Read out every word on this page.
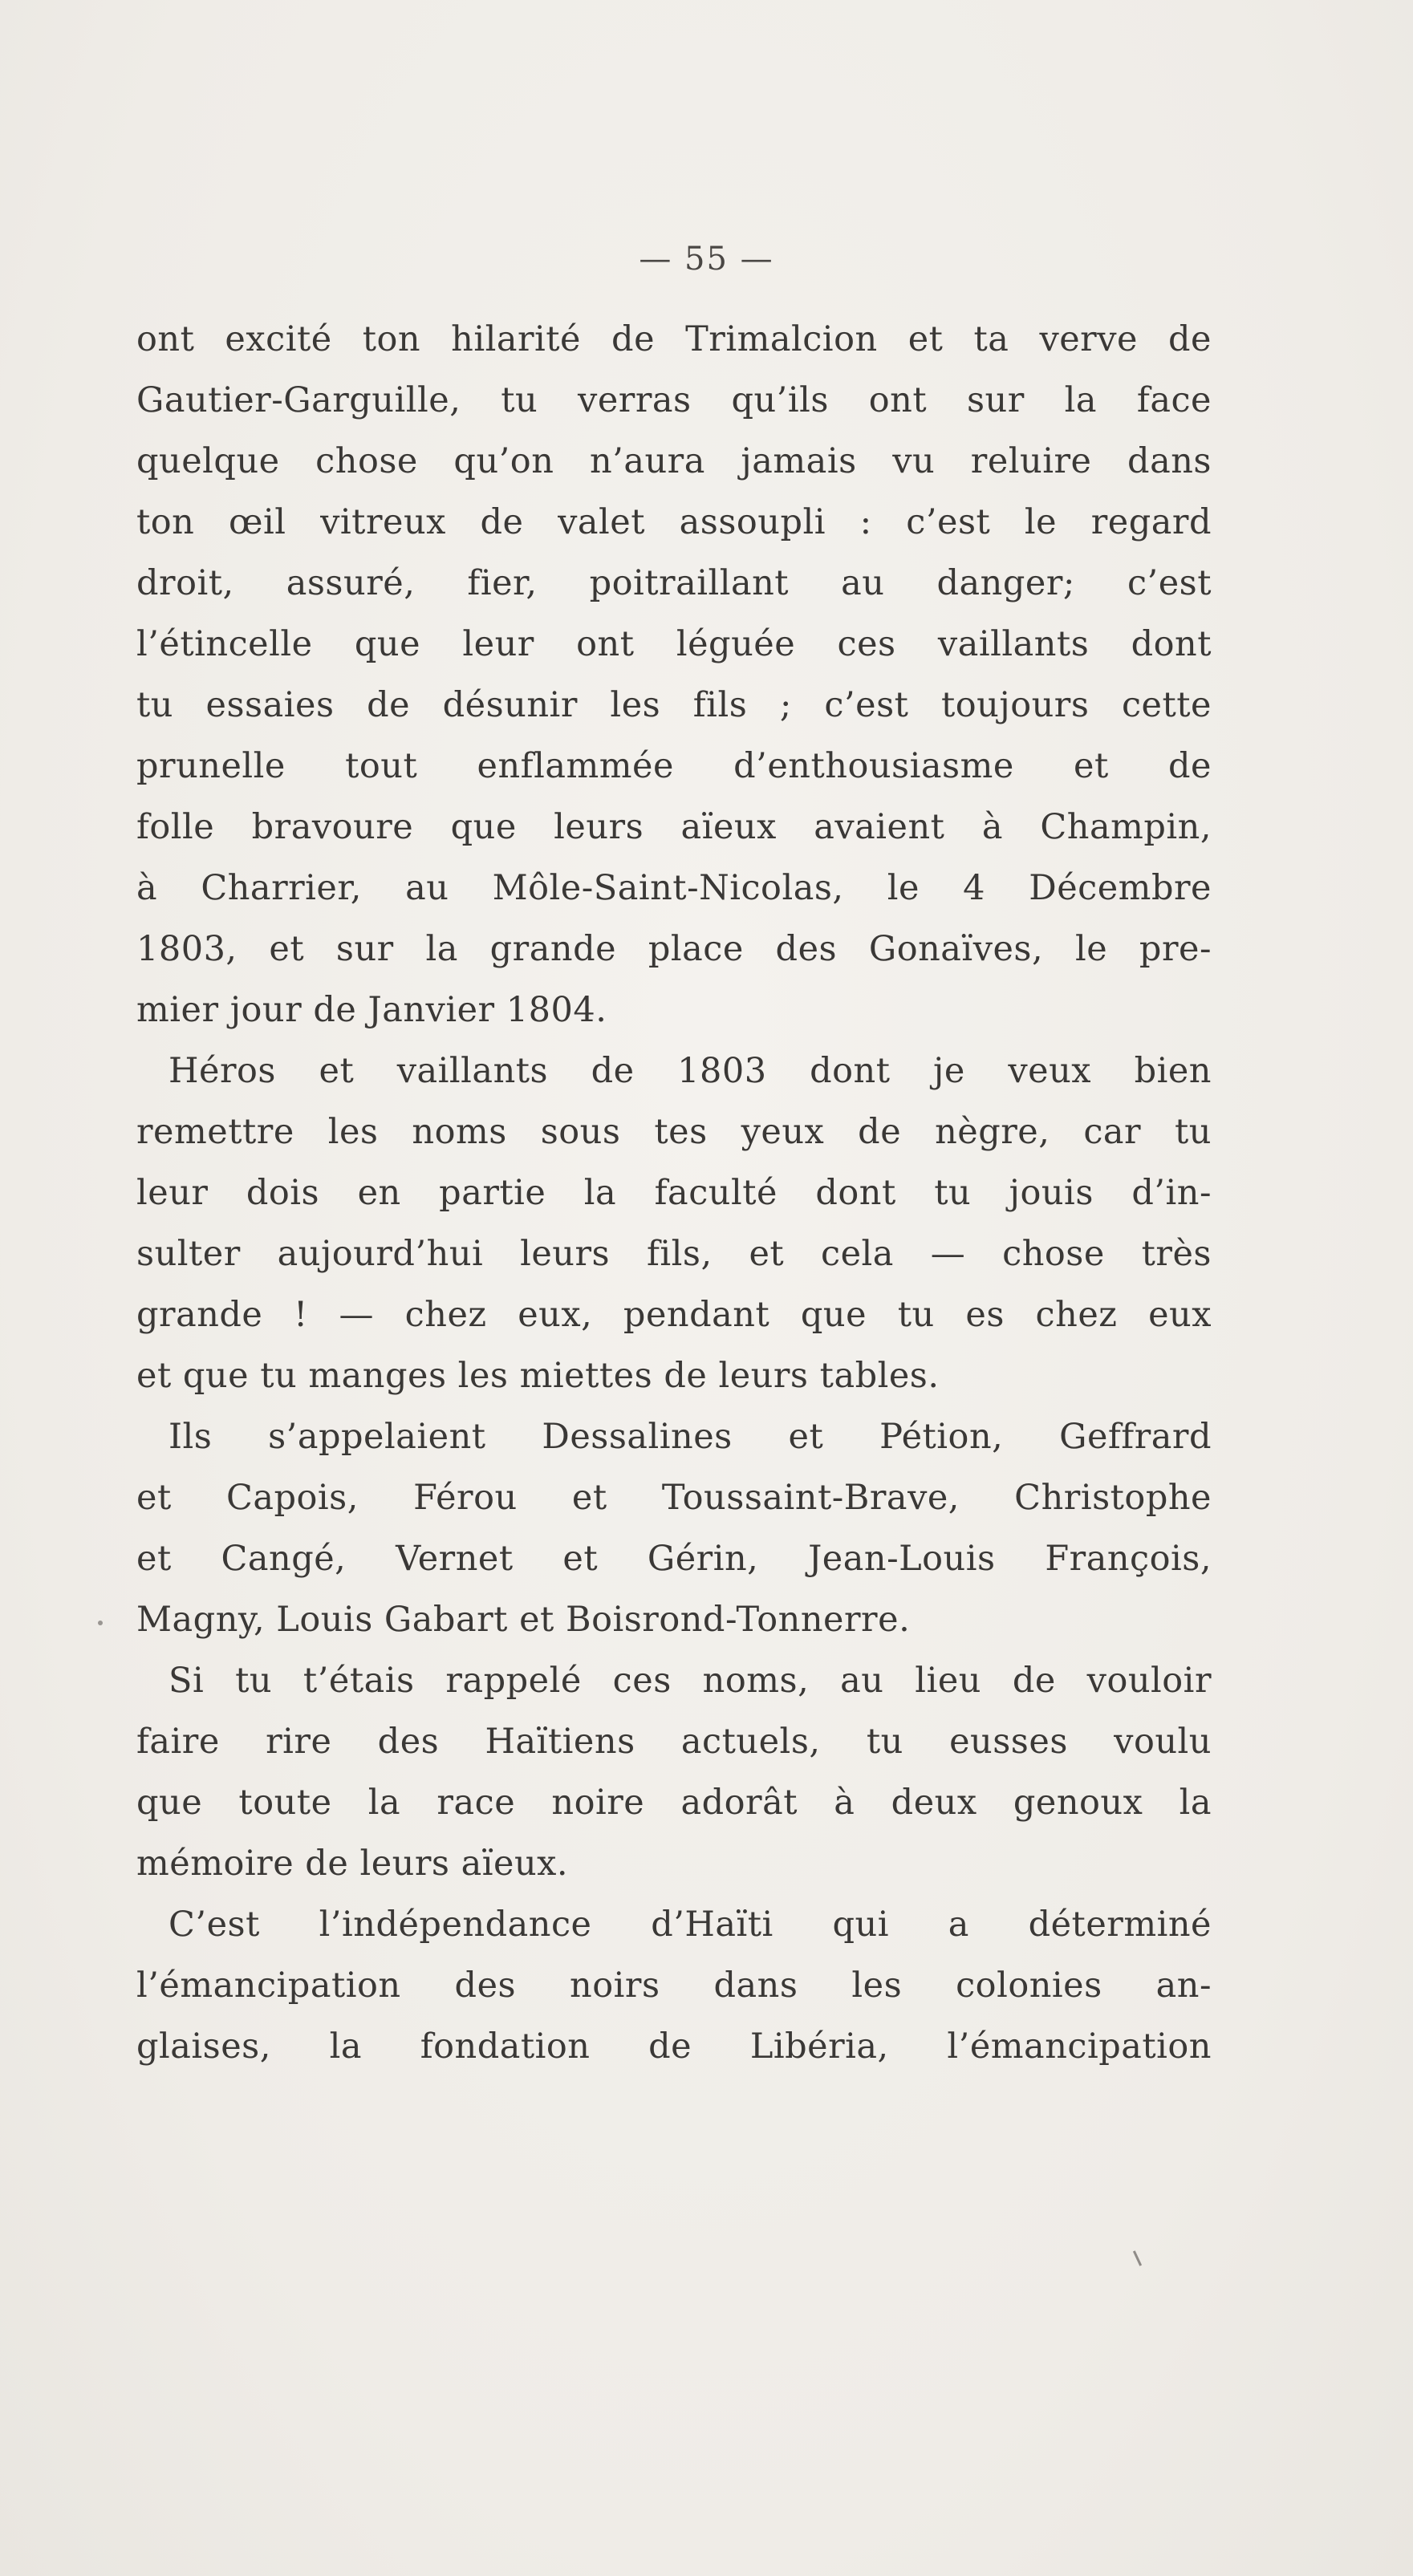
— 55 —
ont excité ton hilarité de Trimalcion et ta verve de
Gautier-Garguille, tu verras qu’ils ont sur la face
quelque chose qu’on n’aura jamais vu reluire dans
ton œil vitreux de valet assoupli : c’est le regard
droit, assuré, fier, poitraillant au danger; c’est
l’étincelle que leur ont léguée ces vaillants dont
tu essaies de désunir les fils ; c’est toujours cette
prunelle tout enflammée d’enthousiasme et de
folle bravoure que leurs aïeux avaient à Champin,
à Charrier, au Môle-Saint-Nicolas, le 4 Décembre
1803, et sur la grande place des Gonaïves, le pre-
mier jour de Janvier 1804.
Héros et vaillants de 1803 dont je veux bien
remettre les noms sous tes yeux de nègre, car tu
leur dois en partie la faculté dont tu jouis d’in-
sulter aujourd’hui leurs fils, et cela — chose très
grande ! — chez eux, pendant que tu es chez eux
et que tu manges les miettes de leurs tables.
Ils s’appelaient Dessalines et Pétion, Geffrard
et Capois, Férou et Toussaint-Brave, Christophe
et Cangé, Vernet et Gérin, Jean-Louis François,
Magny, Louis Gabart et Boisrond-Tonnerre.
Si tu t’étais rappelé ces noms, au lieu de vouloir
faire rire des Haïtiens actuels, tu eusses voulu
que toute la race noire adorât à deux genoux la
mémoire de leurs aïeux.
C’est l’indépendance d’Haïti qui a déterminé
l’émancipation des noirs dans les colonies an-
glaises, la fondation de Libéria, l’émancipation
